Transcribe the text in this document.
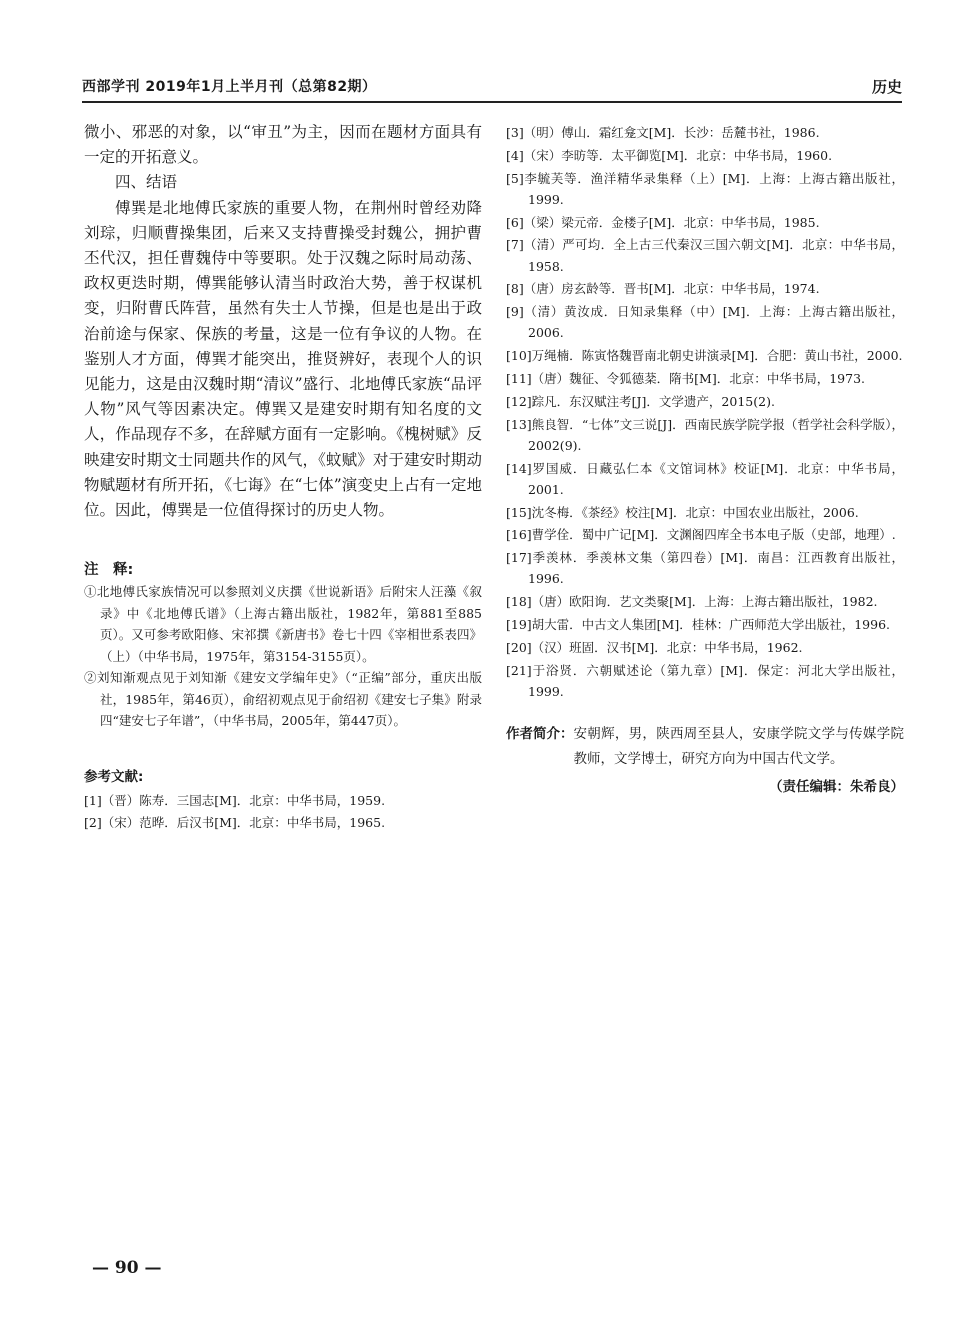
西部学刊 2019年1月上半月刊（总第82期）	历史
微小、邪恶的对象，以“审丑”为主，因而在题材方面具有一定的开拓意义。
四、结语
傅巽是北地傅氏家族的重要人物，在荆州时曾经劝降刘琮，归顺曹操集团，后来又支持曹操受封魏公，拥护曹丕代汉，担任曹魏侍中等要职。处于汉魏之际时局动荡、政权更迭时期，傅巽能够认清当时政治大势，善于权谋机变，归附曹氏阵营，虽然有失士人节操，但是也是出于政治前途与保家、保族的考量，这是一位有争议的人物。在鉴别人才方面，傅巽才能突出，推贤辨好，表现个人的识见能力，这是由汉魏时期“清议”盛行、北地傅氏家族“品评人物”风气等因素决定。傅巽又是建安时期有知名度的文人，作品现存不多，在辞赋方面有一定影响。《槐树赋》反映建安时期文士同题共作的风气，《蚊赋》对于建安时期动物赋题材有所开拓，《七诲》在“七体”演变史上占有一定地位。因此，傅巽是一位值得探讨的历史人物。
注　释:
①北地傅氏家族情况可以参照刘义庆撰《世说新语》后附宋人汪藻《叙录》中《北地傅氏谱》（上海古籍出版社，1982年，第881至885页）。又可参考欧阳修、宋祁撰《新唐书》卷七十四《宰相世系表四》（上）（中华书局，1975年，第3154-3155页）。
②刘知渐观点见于刘知渐《建安文学编年史》（“正编”部分，重庆出版社，1985年，第46页），俞绍初观点见于俞绍初《建安七子集》附录四“建安七子年谱”，（中华书局，2005年，第447页）。
参考文献:
[1]（晋）陈寿．三国志[M]．北京：中华书局，1959.
[2]（宋）范晔．后汉书[M]．北京：中华书局，1965.
[3]（明）傅山．霜红龛文[M]．长沙：岳麓书社，1986.
[4]（宋）李昉等．太平御览[M]．北京：中华书局，1960.
[5]李毓芙等．渔洋精华录集释（上）[M]．上海：上海古籍出版社，1999.
[6]（梁）梁元帝．金楼子[M]．北京：中华书局，1985.
[7]（清）严可均．全上古三代秦汉三国六朝文[M]．北京：中华书局，1958.
[8]（唐）房玄龄等．晋书[M]．北京：中华书局，1974.
[9]（清）黄汝成．日知录集释（中）[M]．上海：上海古籍出版社，2006.
[10]万绳楠．陈寅恪魏晋南北朝史讲演录[M]．合肥：黄山书社，2000.
[11]（唐）魏征、令狐德棻．隋书[M]．北京：中华书局，1973.
[12]踪凡．东汉赋注考[J]．文学遗产，2015(2).
[13]熊良智．“七体”文三说[J]．西南民族学院学报（哲学社会科学版），2002(9).
[14]罗国威．日藏弘仁本《文馆词林》校证[M]．北京：中华书局，2001.
[15]沈冬梅．《茶经》校注[M]．北京：中国农业出版社，2006.
[16]曹学佺．蜀中广记[M]．文渊阁四库全书本电子版（史部，地理）.
[17]季羡林．季羡林文集（第四卷）[M]．南昌：江西教育出版社，1996.
[18]（唐）欧阳询．艺文类聚[M]．上海：上海古籍出版社，1982.
[19]胡大雷．中古文人集团[M]．桂林：广西师范大学出版社，1996.
[20]（汉）班固．汉书[M]．北京：中华书局，1962.
[21]于浴贤．六朝赋述论（第九章）[M]．保定：河北大学出版社，1999.
作者简介： 安朝辉，男，陕西周至县人，安康学院文学与传媒学院教师，文学博士，研究方向为中国古代文学。
（责任编辑：朱希良）
— 90 —
